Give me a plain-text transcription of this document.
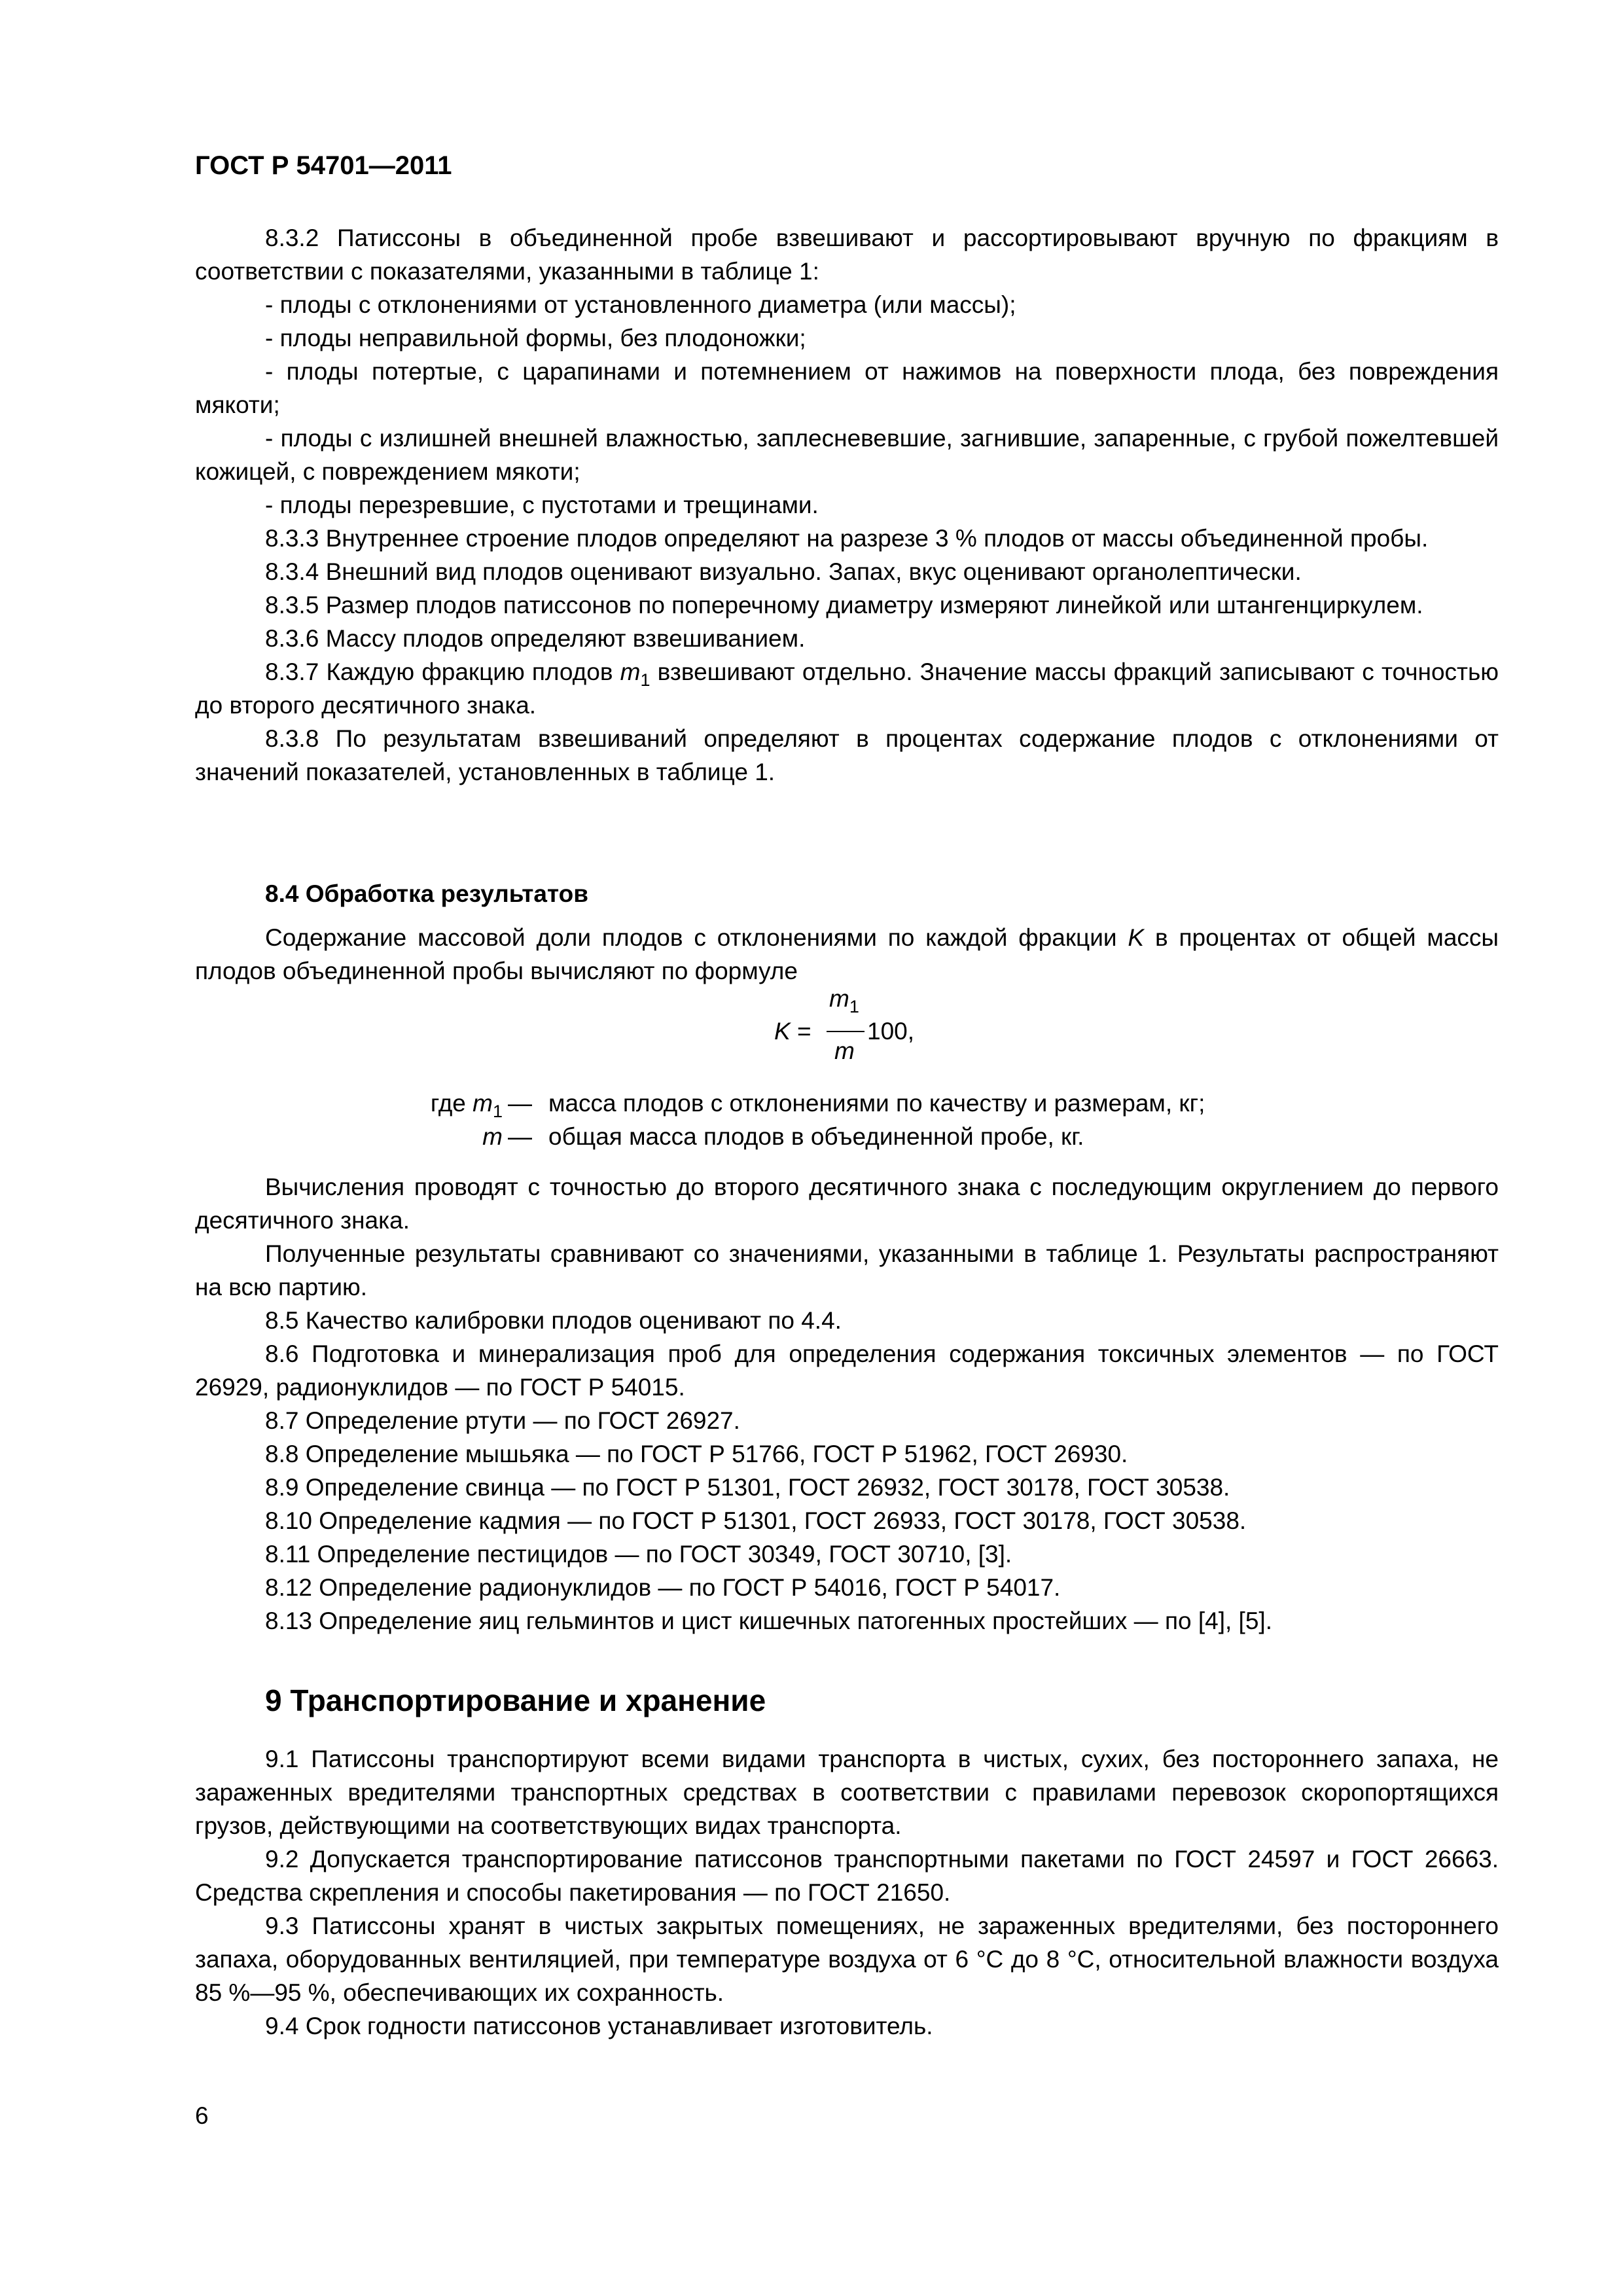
ГОСТ Р 54701—2011

8.3.2 Патиссоны в объединенной пробе взвешивают и рассортировывают вручную по фракциям в соответствии с показателями, указанными в таблице 1:

- плоды с отклонениями от установленного диаметра (или массы);

- плоды неправильной формы, без плодоножки;

- плоды потертые, с царапинами и потемнением от нажимов на поверхности плода, без повреждения мякоти;

- плоды с излишней внешней влажностью, заплесневевшие, загнившие, запаренные, с грубой пожелтевшей кожицей, с повреждением мякоти;

- плоды перезревшие, с пустотами и трещинами.

8.3.3 Внутреннее строение плодов определяют на разрезе 3 % плодов от массы объединенной пробы.

8.3.4 Внешний вид плодов оценивают визуально. Запах, вкус оценивают органолептически.

8.3.5 Размер плодов патиссонов по поперечному диаметру измеряют линейкой или штангенциркулем.

8.3.6 Массу плодов определяют взвешиванием.

8.3.7 Каждую фракцию плодов $m_1$ взвешивают отдельно. Значение массы фракций записывают с точностью до второго десятичного знака.

8.3.8 По результатам взвешиваний определяют в процентах содержание плодов с отклонениями от значений показателей, установленных в таблице 1.

8.4 Обработка результатов

Содержание массовой доли плодов с отклонениями по каждой фракции K в процентах от общей массы плодов объединенной пробы вычисляют по формуле

K =
$m_1$
m
100,
где $m_1$ — масса плодов с отклонениями по качеству и размерам, кг;
m — общая масса плодов в объединенной пробе, кг.

Вычисления проводят с точностью до второго десятичного знака с последующим округлением до первого десятичного знака.

Полученные результаты сравнивают со значениями, указанными в таблице 1. Результаты распространяют на всю партию.

8.5 Качество калибровки плодов оценивают по 4.4.

8.6 Подготовка и минерализация проб для определения содержания токсичных элементов — по ГОСТ 26929, радионуклидов — по ГОСТ Р 54015.

8.7 Определение ртути — по ГОСТ 26927.

8.8 Определение мышьяка — по ГОСТ Р 51766, ГОСТ Р 51962, ГОСТ 26930.

8.9 Определение свинца — по ГОСТ Р 51301, ГОСТ 26932, ГОСТ 30178, ГОСТ 30538.

8.10 Определение кадмия — по ГОСТ Р 51301, ГОСТ 26933, ГОСТ 30178, ГОСТ 30538.

8.11 Определение пестицидов — по ГОСТ 30349, ГОСТ 30710, [3].

8.12 Определение радионуклидов — по ГОСТ Р 54016, ГОСТ Р 54017.

8.13 Определение яиц гельминтов и цист кишечных патогенных простейших — по [4], [5].

9 Транспортирование и хранение

9.1 Патиссоны транспортируют всеми видами транспорта в чистых, сухих, без постороннего запаха, не зараженных вредителями транспортных средствах в соответствии с правилами перевозок скоропортящихся грузов, действующими на соответствующих видах транспорта.

9.2 Допускается транспортирование патиссонов транспортными пакетами по ГОСТ 24597 и ГОСТ 26663. Средства скрепления и способы пакетирования — по ГОСТ 21650.

9.3 Патиссоны хранят в чистых закрытых помещениях, не зараженных вредителями, без постороннего запаха, оборудованных вентиляцией, при температуре воздуха от 6 °С до 8 °С, относительной влажности воздуха 85 %—95 %, обеспечивающих их сохранность.

9.4 Срок годности патиссонов устанавливает изготовитель.

6
